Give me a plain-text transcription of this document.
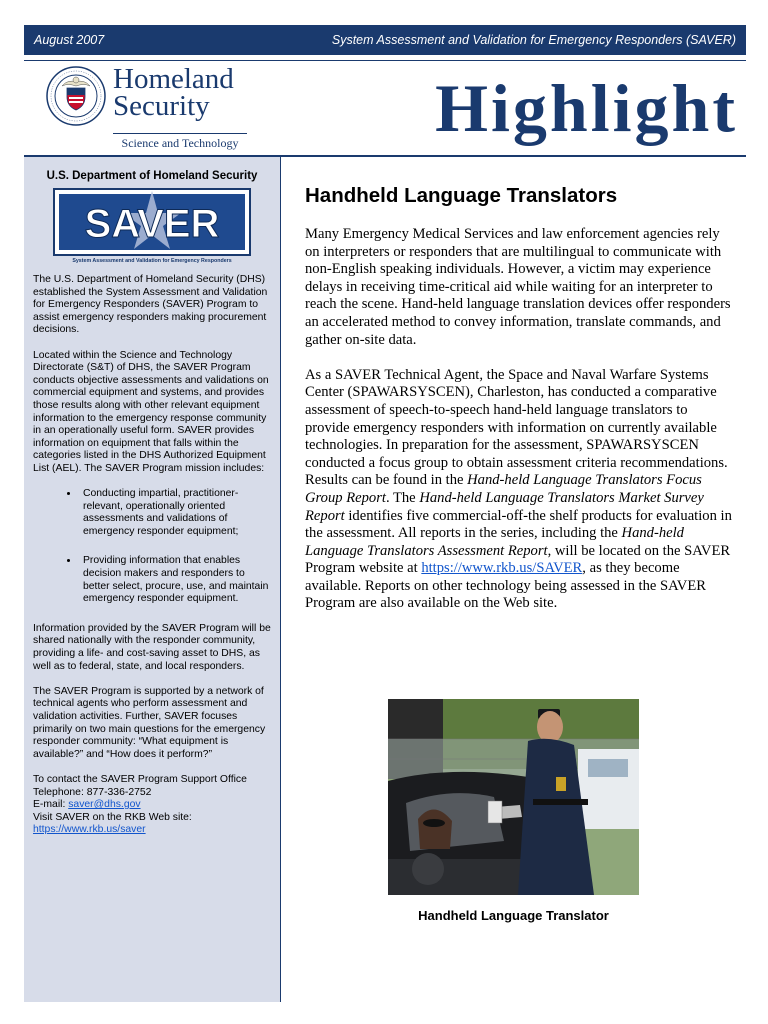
August 2007	System Assessment and Validation for Emergency Responders (SAVER)
Homeland
Security
Science and Technology	Highlight
U.S. Department of Homeland Security
SAVER
System Assessment and Validation for Emergency Responders

The U.S. Department of Homeland Security (DHS) established the System Assessment and Validation for Emergency Responders (SAVER) Program to assist emergency responders making procurement decisions.

Located within the Science and Technology Directorate (S&T) of DHS, the SAVER Program conducts objective assessments and validations on commercial equipment and systems, and provides those results along with other relevant equipment information to the emergency response community in an operationally useful form. SAVER provides information on equipment that falls within the categories listed in the DHS Authorized Equipment List (AEL). The SAVER Program mission includes:

• Conducting impartial, practitioner-relevant, operationally oriented assessments and validations of emergency responder equipment;
• Providing information that enables decision makers and responders to better select, procure, use, and maintain emergency responder equipment.

Information provided by the SAVER Program will be shared nationally with the responder community, providing a life- and cost-saving asset to DHS, as well as to federal, state, and local responders.

The SAVER Program is supported by a network of technical agents who perform assessment and validation activities. Further, SAVER focuses primarily on two main questions for the emergency responder community: “What equipment is available?” and “How does it perform?”

To contact the SAVER Program Support Office

Telephone: 877-336-2752

E-mail: saver@dhs.gov

Visit SAVER on the RKB Web site:

https://www.rkb.us/saver

Handheld Language Translators

Many Emergency Medical Services and law enforcement agencies rely on interpreters or responders that are multilingual to communicate with non-English speaking individuals. However, a victim may experience delays in receiving time-critical aid while waiting for an interpreter to reach the scene. Hand-held language translation devices offer responders an accelerated method to convey information, translate commands, and gather on-site data.

As a SAVER Technical Agent, the Space and Naval Warfare Systems Center (SPAWARSYSCEN), Charleston, has conducted a comparative assessment of speech-to-speech hand-held language translators to provide emergency responders with information on currently available technologies. In preparation for the assessment, SPAWARSYSCEN conducted a focus group to obtain assessment criteria recommendations. Results can be found in the Hand-held Language Translators Focus Group Report. The Hand-held Language Translators Market Survey Report identifies five commercial-off-the shelf products for evaluation in the assessment. All reports in the series, including the Hand-held Language Translators Assessment Report, will be located on the SAVER Program website at https://www.rkb.us/SAVER, as they become available. Reports on other technology being assessed in the SAVER Program are also available on the Web site.

Handheld Language Translator
